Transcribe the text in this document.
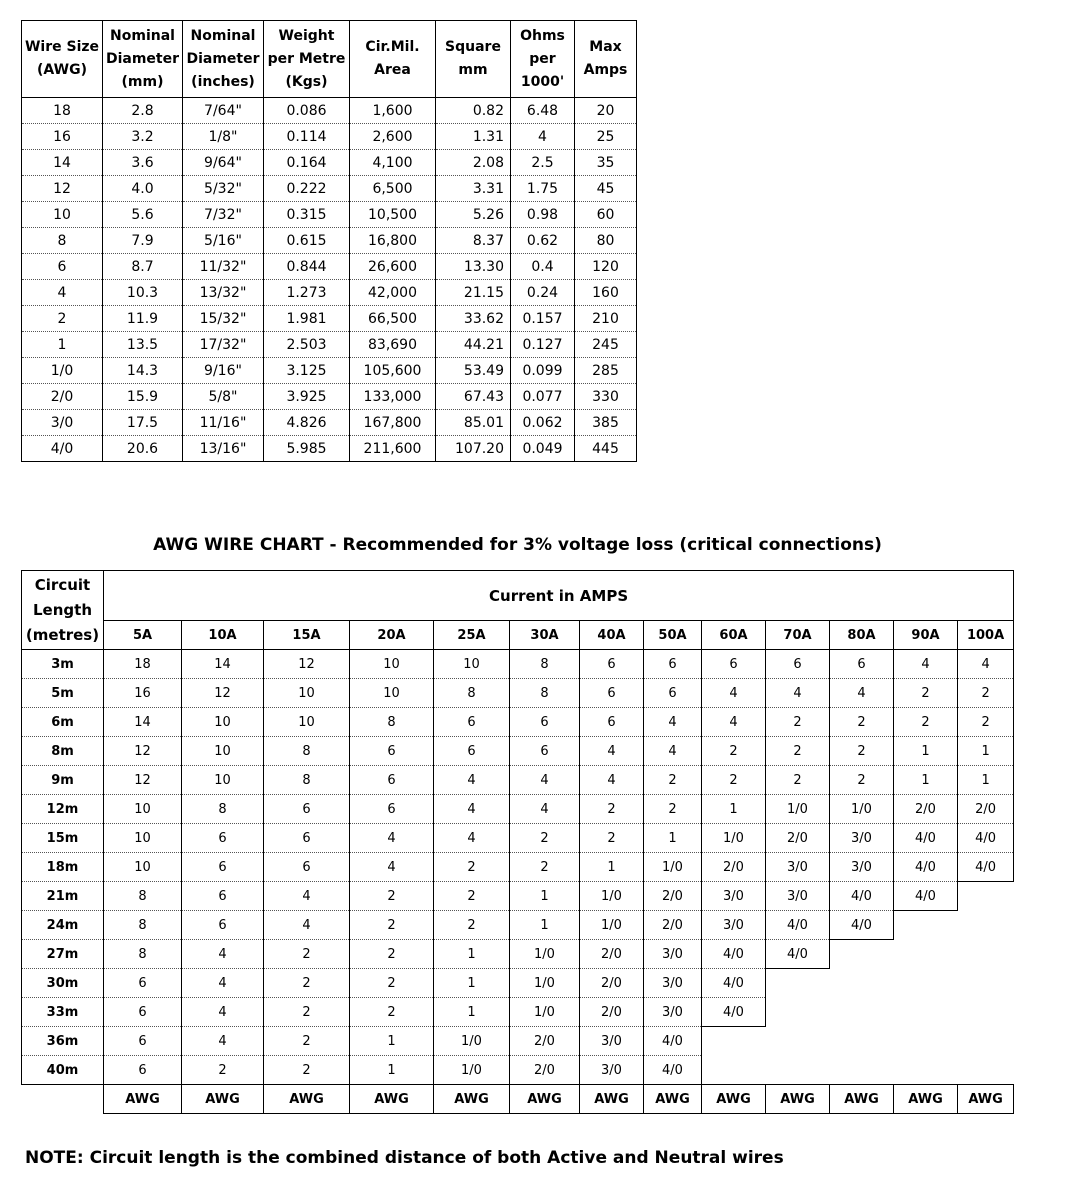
Wire Size (AWG)	Nominal Diameter (mm)	Nominal Diameter (inches)	Weight per Metre (Kgs)	Cir.Mil. Area	Square mm	Ohms per 1000'	Max Amps
18	2.8	7/64"	0.086	1,600	0.82	6.48	20
16	3.2	1/8"	0.114	2,600	1.31	4	25
14	3.6	9/64"	0.164	4,100	2.08	2.5	35
12	4.0	5/32"	0.222	6,500	3.31	1.75	45
10	5.6	7/32"	0.315	10,500	5.26	0.98	60
8	7.9	5/16"	0.615	16,800	8.37	0.62	80
6	8.7	11/32"	0.844	26,600	13.30	0.4	120
4	10.3	13/32"	1.273	42,000	21.15	0.24	160
2	11.9	15/32"	1.981	66,500	33.62	0.157	210
1	13.5	17/32"	2.503	83,690	44.21	0.127	245
1/0	14.3	9/16"	3.125	105,600	53.49	0.099	285
2/0	15.9	5/8"	3.925	133,000	67.43	0.077	330
3/0	17.5	11/16"	4.826	167,800	85.01	0.062	385
4/0	20.6	13/16"	5.985	211,600	107.20	0.049	445
AWG WIRE CHART - Recommended for 3% voltage loss (critical connections)
Circuit Length (metres)	Current in AMPS												
	5A	10A	15A	20A	25A	30A	40A	50A	60A	70A	80A	90A	100A
3m	18	14	12	10	10	8	6	6	6	6	6	4	4
5m	16	12	10	10	8	8	6	6	4	4	4	2	2
6m	14	10	10	8	6	6	6	4	4	2	2	2	2
8m	12	10	8	6	6	6	4	4	2	2	2	1	1
9m	12	10	8	6	4	4	4	2	2	2	2	1	1
12m	10	8	6	6	4	4	2	2	1	1/0	1/0	2/0	2/0
15m	10	6	6	4	4	2	2	1	1/0	2/0	3/0	4/0	4/0
18m	10	6	6	4	2	2	1	1/0	2/0	3/0	3/0	4/0	4/0
21m	8	6	4	2	2	1	1/0	2/0	3/0	3/0	4/0	4/0	
24m	8	6	4	2	2	1	1/0	2/0	3/0	4/0	4/0		
27m	8	4	2	2	1	1/0	2/0	3/0	4/0	4/0			
30m	6	4	2	2	1	1/0	2/0	3/0	4/0				
33m	6	4	2	2	1	1/0	2/0	3/0	4/0				
36m	6	4	2	1	1/0	2/0	3/0	4/0					
40m	6	2	2	1	1/0	2/0	3/0	4/0					
	AWG	AWG	AWG	AWG	AWG	AWG	AWG	AWG	AWG	AWG	AWG	AWG	AWG
NOTE: Circuit length is the combined distance of both Active and Neutral wires
